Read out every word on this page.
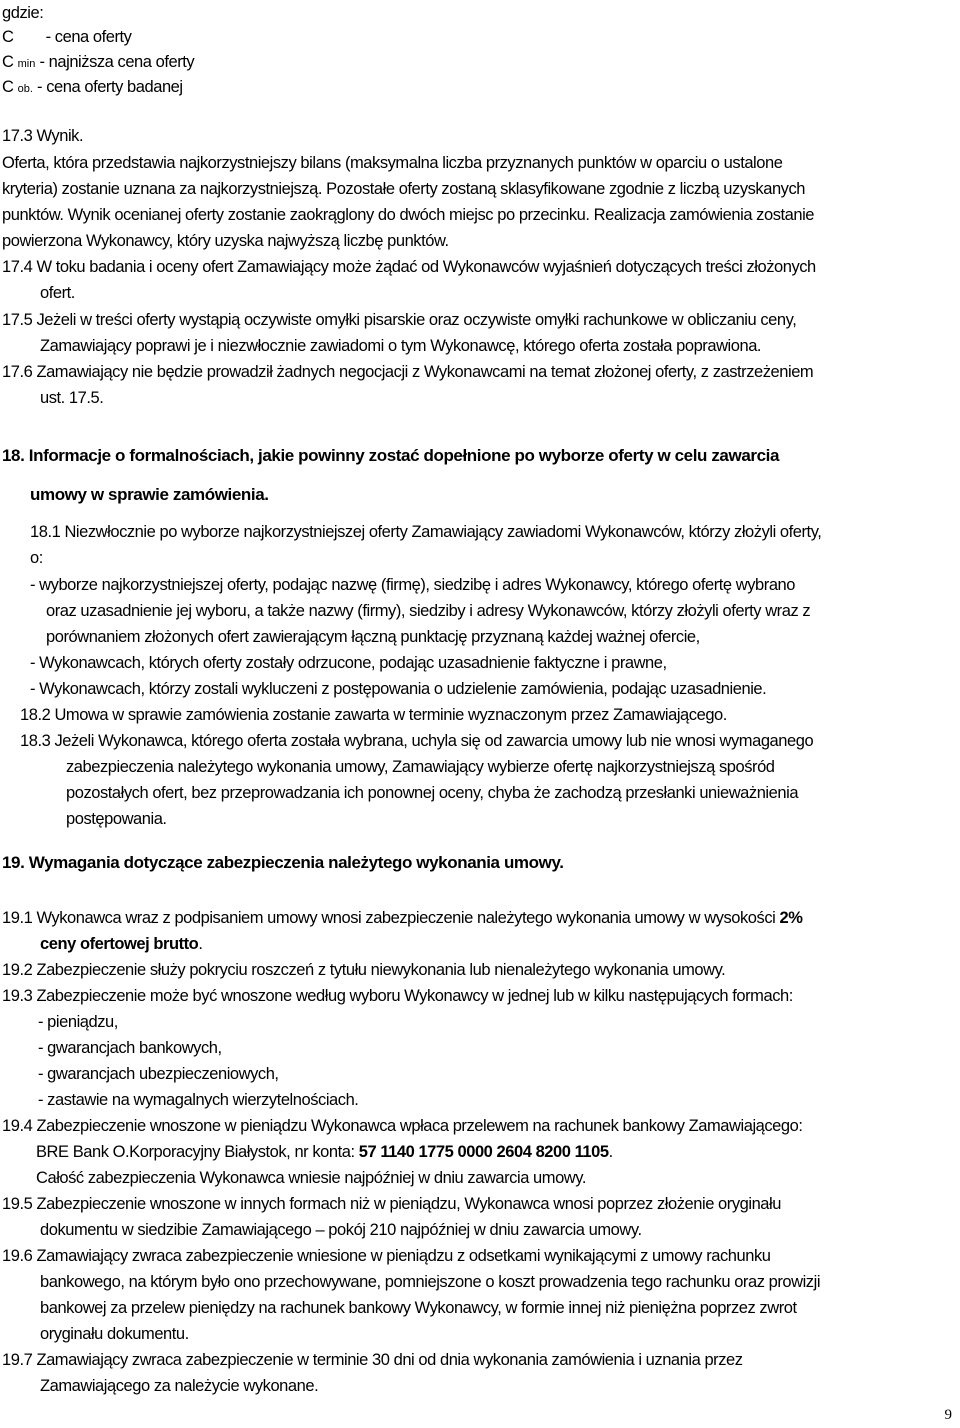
gdzie:
C - cena oferty
C min - najniższa cena oferty
C ob. - cena oferty badanej
17.3 Wynik.
Oferta, która przedstawia najkorzystniejszy bilans (maksymalna liczba przyznanych punktów w oparciu o ustalone
kryteria) zostanie uznana za najkorzystniejszą. Pozostałe oferty zostaną sklasyfikowane zgodnie z liczbą uzyskanych
punktów. Wynik ocenianej oferty zostanie zaokrąglony do dwóch miejsc po przecinku. Realizacja zamówienia zostanie
powierzona Wykonawcy, który uzyska najwyższą liczbę punktów.
17.4 W toku badania i oceny ofert Zamawiający może żądać od Wykonawców wyjaśnień dotyczących treści złożonych
ofert.
17.5 Jeżeli w treści oferty wystąpią oczywiste omyłki pisarskie oraz oczywiste omyłki rachunkowe w obliczaniu ceny,
Zamawiający poprawi je i niezwłocznie zawiadomi o tym Wykonawcę, którego oferta została poprawiona.
17.6 Zamawiający nie będzie prowadził żadnych negocjacji z Wykonawcami na temat złożonej oferty, z zastrzeżeniem
ust. 17.5.
18. Informacje o formalnościach, jakie powinny zostać dopełnione po wyborze oferty w celu zawarcia
umowy w sprawie zamówienia.
18.1 Niezwłocznie po wyborze najkorzystniejszej oferty Zamawiający zawiadomi Wykonawców, którzy złożyli oferty,
o:
- wyborze najkorzystniejszej oferty, podając nazwę (firmę), siedzibę i adres Wykonawcy, którego ofertę wybrano
oraz uzasadnienie jej wyboru, a także nazwy (firmy), siedziby i adresy Wykonawców, którzy złożyli oferty wraz z
porównaniem złożonych ofert zawierającym łączną punktację przyznaną każdej ważnej ofercie,
- Wykonawcach, których oferty zostały odrzucone, podając uzasadnienie faktyczne i prawne,
- Wykonawcach, którzy zostali wykluczeni z postępowania o udzielenie zamówienia, podając uzasadnienie.
18.2 Umowa w sprawie zamówienia zostanie zawarta w terminie wyznaczonym przez Zamawiającego.
18.3 Jeżeli Wykonawca, którego oferta została wybrana, uchyla się od zawarcia umowy lub nie wnosi wymaganego
zabezpieczenia należytego wykonania umowy, Zamawiający wybierze ofertę najkorzystniejszą spośród
pozostałych ofert, bez przeprowadzania ich ponownej oceny, chyba że zachodzą przesłanki unieważnienia
postępowania.
19. Wymagania dotyczące zabezpieczenia należytego wykonania umowy.
19.1 Wykonawca wraz z podpisaniem umowy wnosi zabezpieczenie należytego wykonania umowy w wysokości 2%
ceny ofertowej brutto.
19.2 Zabezpieczenie służy pokryciu roszczeń z tytułu niewykonania lub nienależytego wykonania umowy.
19.3 Zabezpieczenie może być wnoszone według wyboru Wykonawcy w jednej lub w kilku następujących formach:
- pieniądzu,
- gwarancjach bankowych,
- gwarancjach ubezpieczeniowych,
- zastawie na wymagalnych wierzytelnościach.
19.4 Zabezpieczenie wnoszone w pieniądzu Wykonawca wpłaca przelewem na rachunek bankowy Zamawiającego:
BRE Bank O.Korporacyjny Białystok, nr konta: 57 1140 1775 0000 2604 8200 1105.
Całość zabezpieczenia Wykonawca wniesie najpóźniej w dniu zawarcia umowy.
19.5 Zabezpieczenie wnoszone w innych formach niż w pieniądzu, Wykonawca wnosi poprzez złożenie oryginału
dokumentu w siedzibie Zamawiającego – pokój 210 najpóźniej w dniu zawarcia umowy.
19.6 Zamawiający zwraca zabezpieczenie wniesione w pieniądzu z odsetkami wynikającymi z umowy rachunku
bankowego, na którym było ono przechowywane, pomniejszone o koszt prowadzenia tego rachunku oraz prowizji
bankowej za przelew pieniędzy na rachunek bankowy Wykonawcy, w formie innej niż pieniężna poprzez zwrot
oryginału dokumentu.
19.7 Zamawiający zwraca zabezpieczenie w terminie 30 dni od dnia wykonania zamówienia i uznania przez
Zamawiającego za należycie wykonane.
9
